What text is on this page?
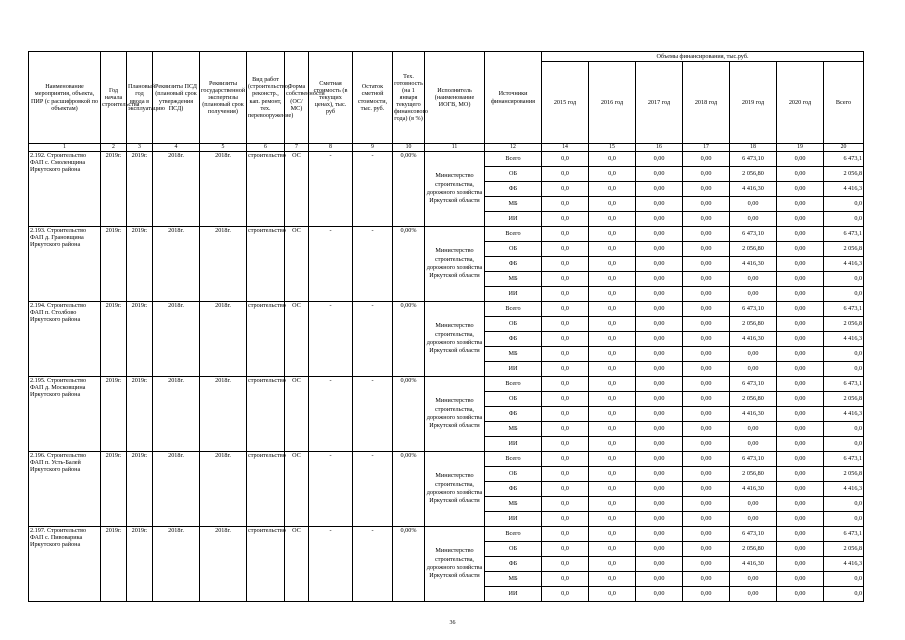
Наименование мероприятия, объекта, ПИР (с расшифровкой по объектам)	Год начала строительства	Плановый год ввода в эксплуатацию	Реквизиты ПСД (плановый срок утверждения ПСД)	Реквизиты государственной экспертизы (плановый срок получения)	Вид работ (строительство, реконстр., кап. ремонт, тех. перевооружение)	Форма собственности (ОС/МС)	Сметная стоимость (в текущих ценах), тыс. руб	Остаток сметной стоимости, тыс. руб.	Тех. готовность (на 1 января текущего финансового года) (в %)	Исполнитель (наименование ИОГВ, МО)	Источники финансирования	Объемы финансирования, тыс.руб.						
												2015 год	2016 год	2017 год	2018 год	2019 год	2020 год	Всего
1	2	3	4	5	6	7	8	9	10	11	12	14	15	16	17	18	19	20
2.192. Строительство ФАП с. Смоленщина Иркутского района	2019г.	2019г.	2018г.	2018г.	строительство	ОС	-	-	0,00%	Министерство строительства, дорожного хозяйства Иркутской области	Всего	0,0	0,0	0,00	0,00	6 473,10	0,00	6 473,1
											ОБ	0,0	0,0	0,00	0,00	2 056,80	0,00	2 056,8
											ФБ	0,0	0,0	0,00	0,00	4 416,30	0,00	4 416,3
											МБ	0,0	0,0	0,00	0,00	0,00	0,00	0,0
											ИИ	0,0	0,0	0,00	0,00	0,00	0,00	0,0
2.193. Строительство ФАП д. Грановщина Иркутского района	2019г.	2019г.	2018г.	2018г.	строительство	ОС	-	-	0,00%	Министерство строительства, дорожного хозяйства Иркутской области	Всего	0,0	0,0	0,00	0,00	6 473,10	0,00	6 473,1
											ОБ	0,0	0,0	0,00	0,00	2 056,80	0,00	2 056,8
											ФБ	0,0	0,0	0,00	0,00	4 416,30	0,00	4 416,3
											МБ	0,0	0,0	0,00	0,00	0,00	0,00	0,0
											ИИ	0,0	0,0	0,00	0,00	0,00	0,00	0,0
2.194. Строительство ФАП п. Столбово Иркутского района	2019г.	2019г.	2018г.	2018г.	строительство	ОС	-	-	0,00%	Министерство строительства, дорожного хозяйства Иркутской области	Всего	0,0	0,0	0,00	0,00	6 473,10	0,00	6 473,1
											ОБ	0,0	0,0	0,00	0,00	2 056,80	0,00	2 056,8
											ФБ	0,0	0,0	0,00	0,00	4 416,30	0,00	4 416,3
											МБ	0,0	0,0	0,00	0,00	0,00	0,00	0,0
											ИИ	0,0	0,0	0,00	0,00	0,00	0,00	0,0
2.195. Строительство ФАП д. Московщина Иркутского района	2019г.	2019г.	2018г.	2018г.	строительство	ОС	-	-	0,00%	Министерство строительства, дорожного хозяйства Иркутской области	Всего	0,0	0,0	0,00	0,00	6 473,10	0,00	6 473,1
											ОБ	0,0	0,0	0,00	0,00	2 056,80	0,00	2 056,8
											ФБ	0,0	0,0	0,00	0,00	4 416,30	0,00	4 416,3
											МБ	0,0	0,0	0,00	0,00	0,00	0,00	0,0
											ИИ	0,0	0,0	0,00	0,00	0,00	0,00	0,0
2.196. Строительство ФАП п. Усть-Балей Иркутского района	2019г.	2019г.	2018г.	2018г.	строительство	ОС	-	-	0,00%	Министерство строительства, дорожного хозяйства Иркутской области	Всего	0,0	0,0	0,00	0,00	6 473,10	0,00	6 473,1
											ОБ	0,0	0,0	0,00	0,00	2 056,80	0,00	2 056,8
											ФБ	0,0	0,0	0,00	0,00	4 416,30	0,00	4 416,3
											МБ	0,0	0,0	0,00	0,00	0,00	0,00	0,0
											ИИ	0,0	0,0	0,00	0,00	0,00	0,00	0,0
2.197. Строительство ФАП с. Пивоварика Иркутского района	2019г.	2019г.	2018г.	2018г.	строительство	ОС	-	-	0,00%	Министерство строительства, дорожного хозяйства Иркутской области	Всего	0,0	0,0	0,00	0,00	6 473,10	0,00	6 473,1
											ОБ	0,0	0,0	0,00	0,00	2 056,80	0,00	2 056,8
											ФБ	0,0	0,0	0,00	0,00	4 416,30	0,00	4 416,3
											МБ	0,0	0,0	0,00	0,00	0,00	0,00	0,0
											ИИ	0,0	0,0	0,00	0,00	0,00	0,00	0,0
36
